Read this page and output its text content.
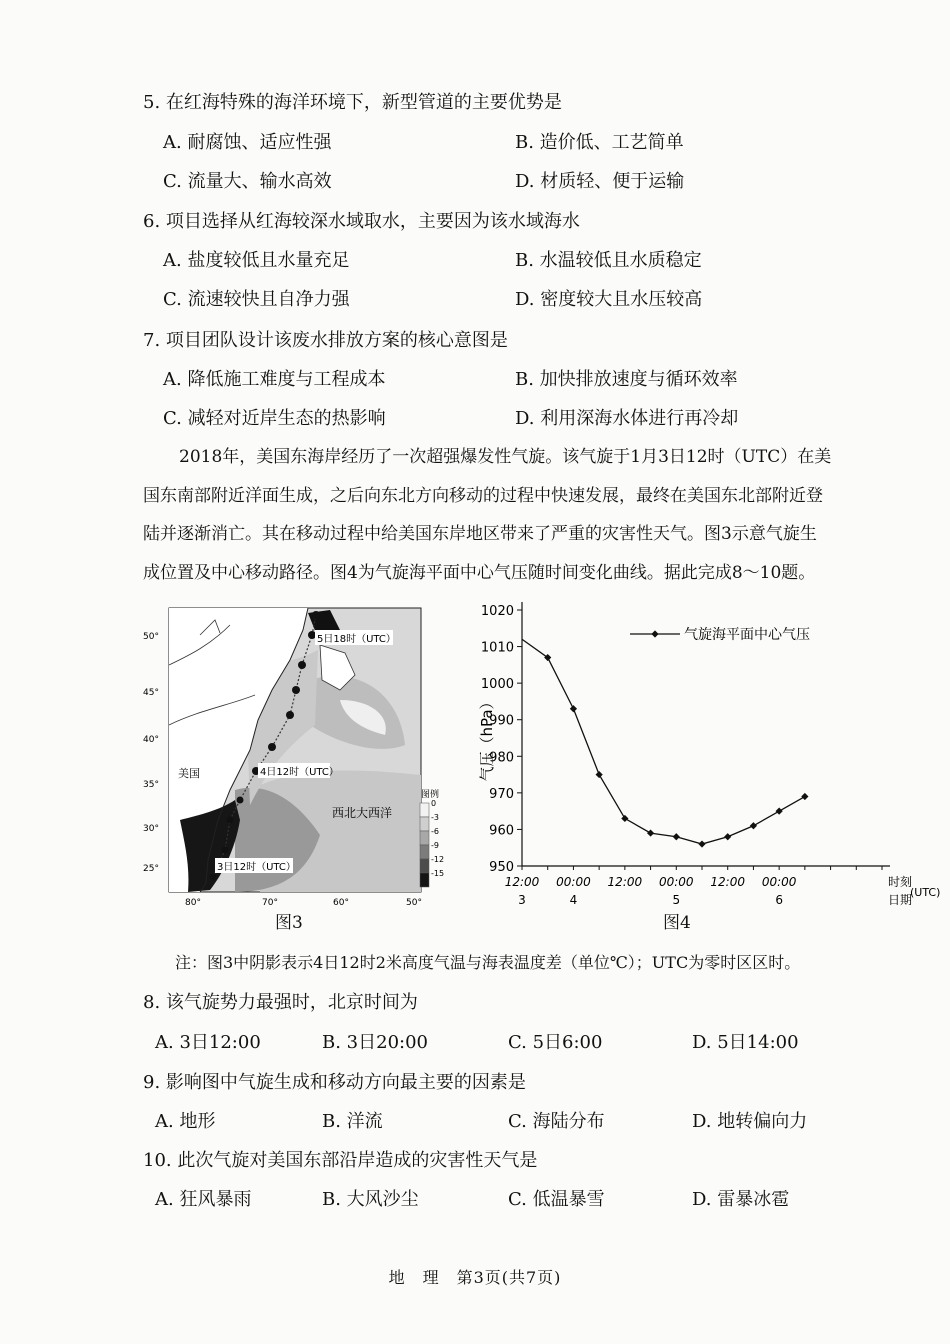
5. 在红海特殊的海洋环境下，新型管道的主要优势是
A. 耐腐蚀、适应性强	B. 造价低、工艺简单
C. 流量大、输水高效	D. 材质轻、便于运输
6. 项目选择从红海较深水域取水，主要因为该水域海水
A. 盐度较低且水量充足	B. 水温较低且水质稳定
C. 流速较快且自净力强	D. 密度较大且水压较高
7. 项目团队设计该废水排放方案的核心意图是
A. 降低施工难度与工程成本	B. 加快排放速度与循环效率
C. 减轻对近岸生态的热影响	D. 利用深海水体进行再冷却
2018年，美国东海岸经历了一次超强爆发性气旋。该气旋于1月3日12时（UTC）在美
国东南部附近洋面生成，之后向东北方向移动的过程中快速发展，最终在美国东北部附近登
陆并逐渐消亡。其在移动过程中给美国东岸地区带来了严重的灾害性天气。图3示意气旋生
成位置及中心移动路径。图4为气旋海平面中心气压随时间变化曲线。据此完成8～10题。
3日12时（UTC）
4日12时（UTC）
5日18时（UTC）
美国
西北大西洋
图例
0
-3
-6
-9
-12
-15
50°
45°
40°
35°
30°
25°
80°	70°	60°	50°
图3
950
960
970
980
990
1000
1010
1020
气压（hPa）
12:00
3
00:00
4
12:00 00:00
5
12:00 00:00
6
时刻
日期
(UTC)
气旋海平面中心气压
图4
注：图3中阴影表示4日12时2米高度气温与海表温度差（单位℃）；UTC为零时区区时。
8. 该气旋势力最强时，北京时间为
A. 3日12:00	B. 3日20:00	C. 5日6:00	D. 5日14:00
9. 影响图中气旋生成和移动方向最主要的因素是
A. 地形	B. 洋流	C. 海陆分布	D. 地转偏向力
10. 此次气旋对美国东部沿岸造成的灾害性天气是
A. 狂风暴雨	B. 大风沙尘	C. 低温暴雪	D. 雷暴冰雹
地　理　第3页(共7页)
